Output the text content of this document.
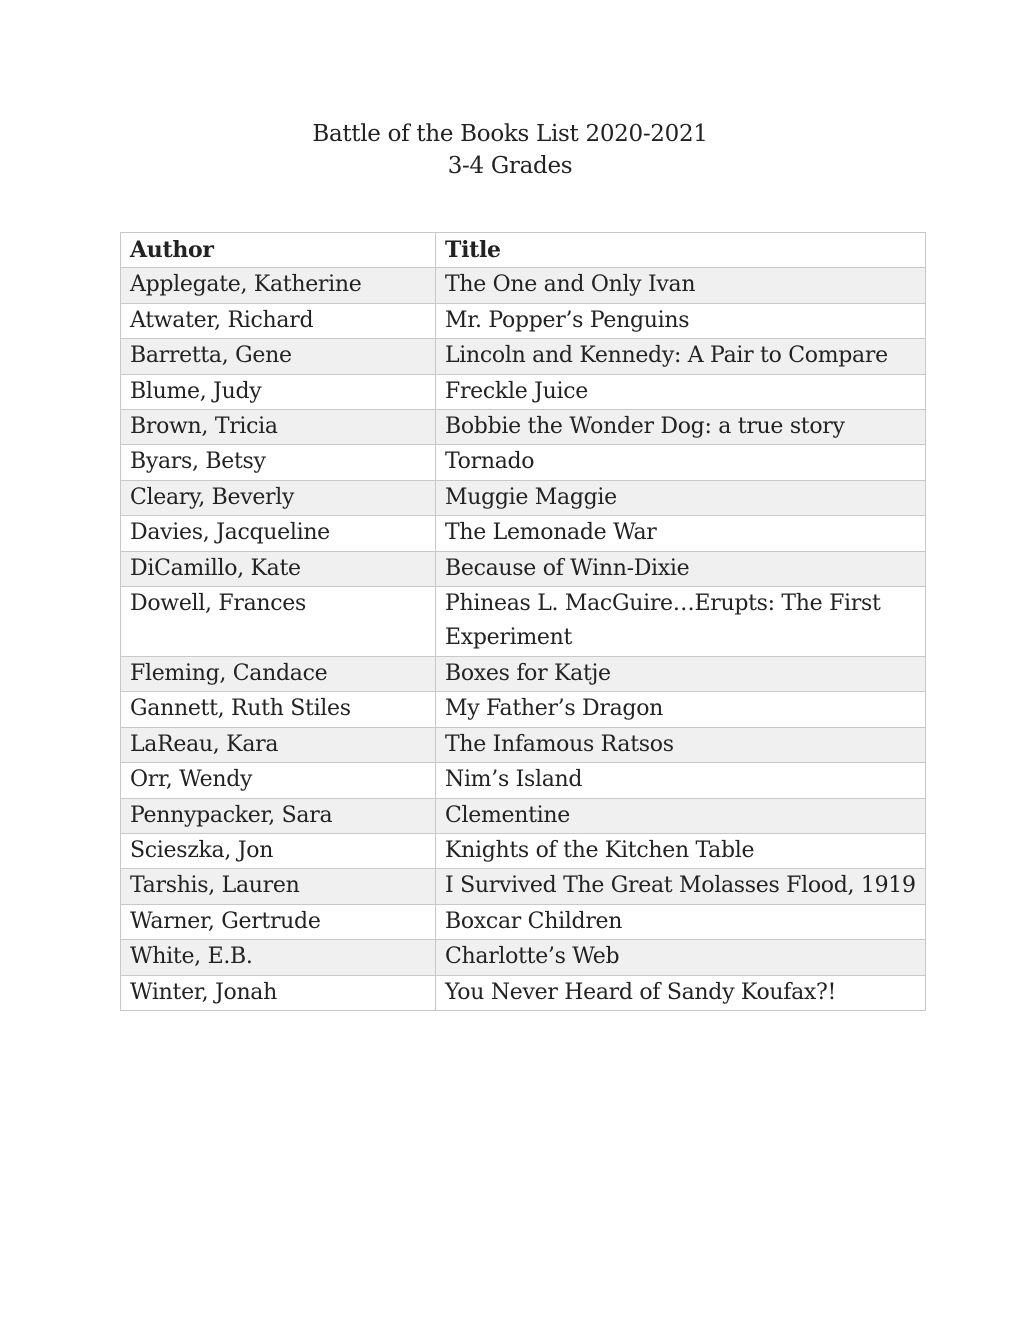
Battle of the Books List 2020-2021
3-4 Grades
Author	Title
Applegate, Katherine	The One and Only Ivan
Atwater, Richard	Mr. Popper’s Penguins
Barretta, Gene	Lincoln and Kennedy: A Pair to Compare
Blume, Judy	Freckle Juice
Brown, Tricia	Bobbie the Wonder Dog: a true story
Byars, Betsy	Tornado
Cleary, Beverly	Muggie Maggie
Davies, Jacqueline	The Lemonade War
DiCamillo, Kate	Because of Winn-Dixie
Dowell, Frances	Phineas L. MacGuire…Erupts: The First Experiment
Fleming, Candace	Boxes for Katje
Gannett, Ruth Stiles	My Father’s Dragon
LaReau, Kara	The Infamous Ratsos
Orr, Wendy	Nim’s Island
Pennypacker, Sara	Clementine
Scieszka, Jon	Knights of the Kitchen Table
Tarshis, Lauren	I Survived The Great Molasses Flood, 1919
Warner, Gertrude	Boxcar Children
White, E.B.	Charlotte’s Web
Winter, Jonah	You Never Heard of Sandy Koufax?!
